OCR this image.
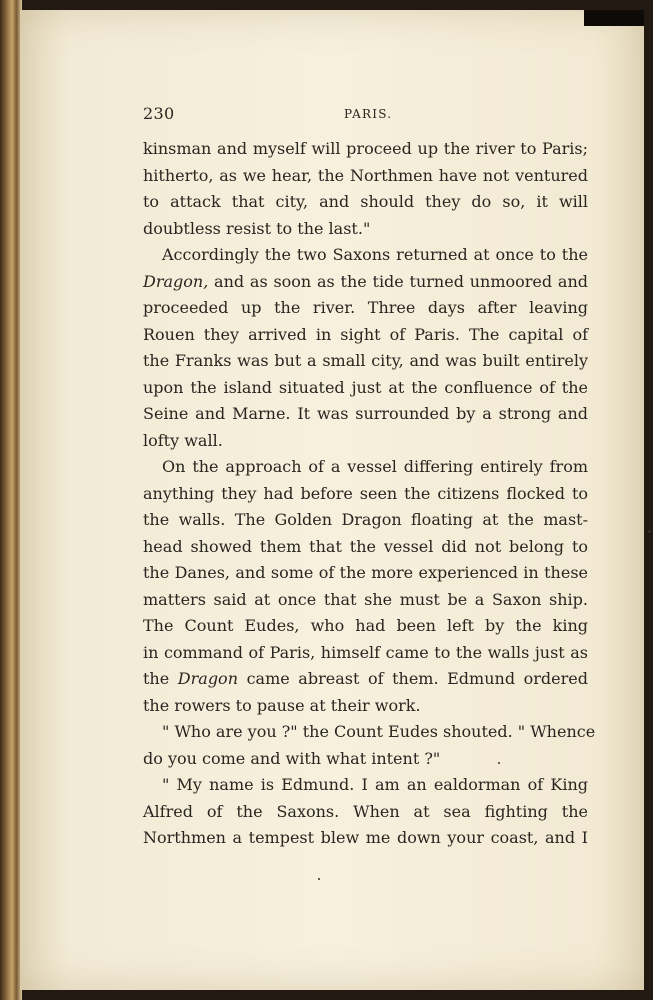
230	PARIS.
kinsman and myself will proceed up the river to Paris;
hitherto, as we hear, the Northmen have not ventured
to attack that city, and should they do so, it will
doubtless resist to the last."
Accordingly the two Saxons returned at once to the
Dragon, and as soon as the tide turned unmoored and
proceeded up the river. Three days after leaving
Rouen they arrived in sight of Paris. The capital of
the Franks was but a small city, and was built entirely
upon the island situated just at the confluence of the
Seine and Marne. It was surrounded by a strong and
lofty wall.
On the approach of a vessel differing entirely from
anything they had before seen the citizens flocked to
the walls. The Golden Dragon floating at the mast-
head showed them that the vessel did not belong to
the Danes, and some of the more experienced in these
matters said at once that she must be a Saxon ship.
The Count Eudes, who had been left by the king
in command of Paris, himself came to the walls just as
the Dragon came abreast of them. Edmund ordered
the rowers to pause at their work.
" Who are you ?" the Count Eudes shouted. " Whence
do you come and with what intent ?"
" My name is Edmund. I am an ealdorman of King
Alfred of the Saxons. When at sea fighting the
Northmen a tempest blew me down your coast, and I
